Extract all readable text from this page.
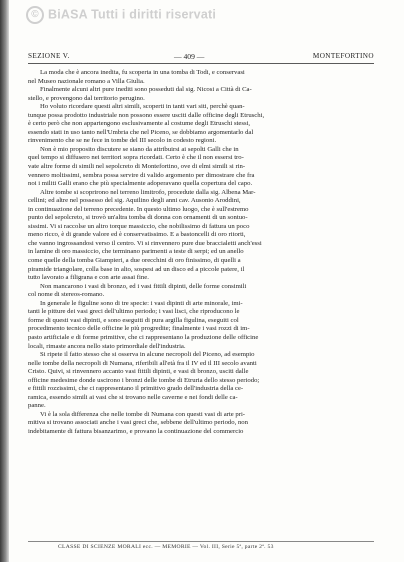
© BiASA Tutti i diritti riservati
SEZIONE V.	— 409 —	MONTEFORTINO
La moda che è ancora inedita, fu scoperta in una tomba di Todi, e conservasi
nel Museo nazionale romano a Villa Giulia.
Finalmente alcuni altri pure inediti sono posseduti dal sig. Nicosi a Città di Ca-
stello, e provengono dal territorio perugino.
Ho voluto ricordare questi altri simili, scoperti in tanti vari siti, perchè quan-
tunque possa prodotto industriale non possono essere usciti dalle officine degli Etruschi,
è certo però che non appartengono esclusivamente al costume degli Etruschi stessi,
essendo stati in uso tanto nell'Umbria che nel Piceno, se dobbiamo argomentarlo dal
rinvenimento che se ne fece in tombe del III secolo in codesto regioni.
Non è mio proposito discutere se siano da attribuirsi ai sepolti Galli che in
quel tempo si diffusero nei territori sopra ricordati. Certo è che il non essersi tro-
vate altre forme di simili nel sepolcreto di Montefortino, ove di elmi simili si rin-
vennero moltissimi, sembra possa servire di valido argomento per dimostrare che fra
noi i militi Galli erano che più specialmente adoperavano quella copertura del capo.
Altre tombe si scoprirono nel terreno limitrofo, procedute dalla sig. Albena Mar-
cellini; ed altre nel possesso del sig. Aquilino degli anni cav. Ausonio Aroddini,
in continuazione del terreno precedente. In questo ultimo luogo, che è sull'estremo
punto del sepolcreto, si trovò un'altra tomba di donna con ornamenti di un sontuo-
sissimi. Vi si raccolse un altro torque massiccio, che nobilissimo di fattura un poco
meno ricco, è di grande valore ed è conservatissimo. E a bastoncelli di oro ritorti,
che vanno ingrossandosi verso il centro. Vi si rinvennero pure due braccialetti anch'essi
in lamine di oro massiccio, che terminano parimenti a teste di serpi; ed un anello
come quelle della tomba Giampieri, a due orecchini di oro finissimo, di quelli a
piramide triangolare, colla base in alto, sospesi ad un disco ed a piccole patere, il
tutto lavorato a filigrana e con arte assai fine.
Non mancarono i vasi di bronzo, ed i vasi fittili dipinti, delle forme consimili
col nome di stereos-romano.
In generale le figuline sono di tre specie: i vasi dipinti di arte minorale, imi-
tanti le pitture dei vasi greci dell'ultimo periodo; i vasi lisci, che riproducono le
forme di questi vasi dipinti, e sono eseguiti di pura argilla figulina, eseguiti col
procedimento tecnico delle officine le più progredite; finalmente i vasi rozzi di im-
pasto artificiale e di forme primitive, che ci rappresentano la produzione delle officine
locali, rimaste ancora nello stato primordiale dell'industria.
Si ripete il fatto stesso che si osserva in alcune necropoli del Piceno, ad esempio
nelle tombe della necropoli di Numana, riferibili all'età fra il IV ed il III secolo avanti
Cristo. Quivi, si rinvennero accanto vasi fittili dipinti, e vasi di bronzo, usciti dalle
officine medesime donde uscirono i bronzi delle tombe di Etruria dello stesso periodo;
e fittili rozzissimi, che ci rappresentano il primitivo grado dell'industria della ce-
ramica, essendo simili ai vasi che si trovano nelle caverne e nei fondi delle ca-
panne.
Vi è la sola differenza che nelle tombe di Numana con questi vasi di arte pri-
mitiva si trovano associati anche i vasi greci che, sebbene dell'ultimo periodo, non
indebitamente di fattura bisanzarimo, e provano la continuazione del commercio
CLASSE DI SCIENZE MORALI ecc. — MEMORIE — Vol. III, Serie 5ª, parte 2ª. 53
